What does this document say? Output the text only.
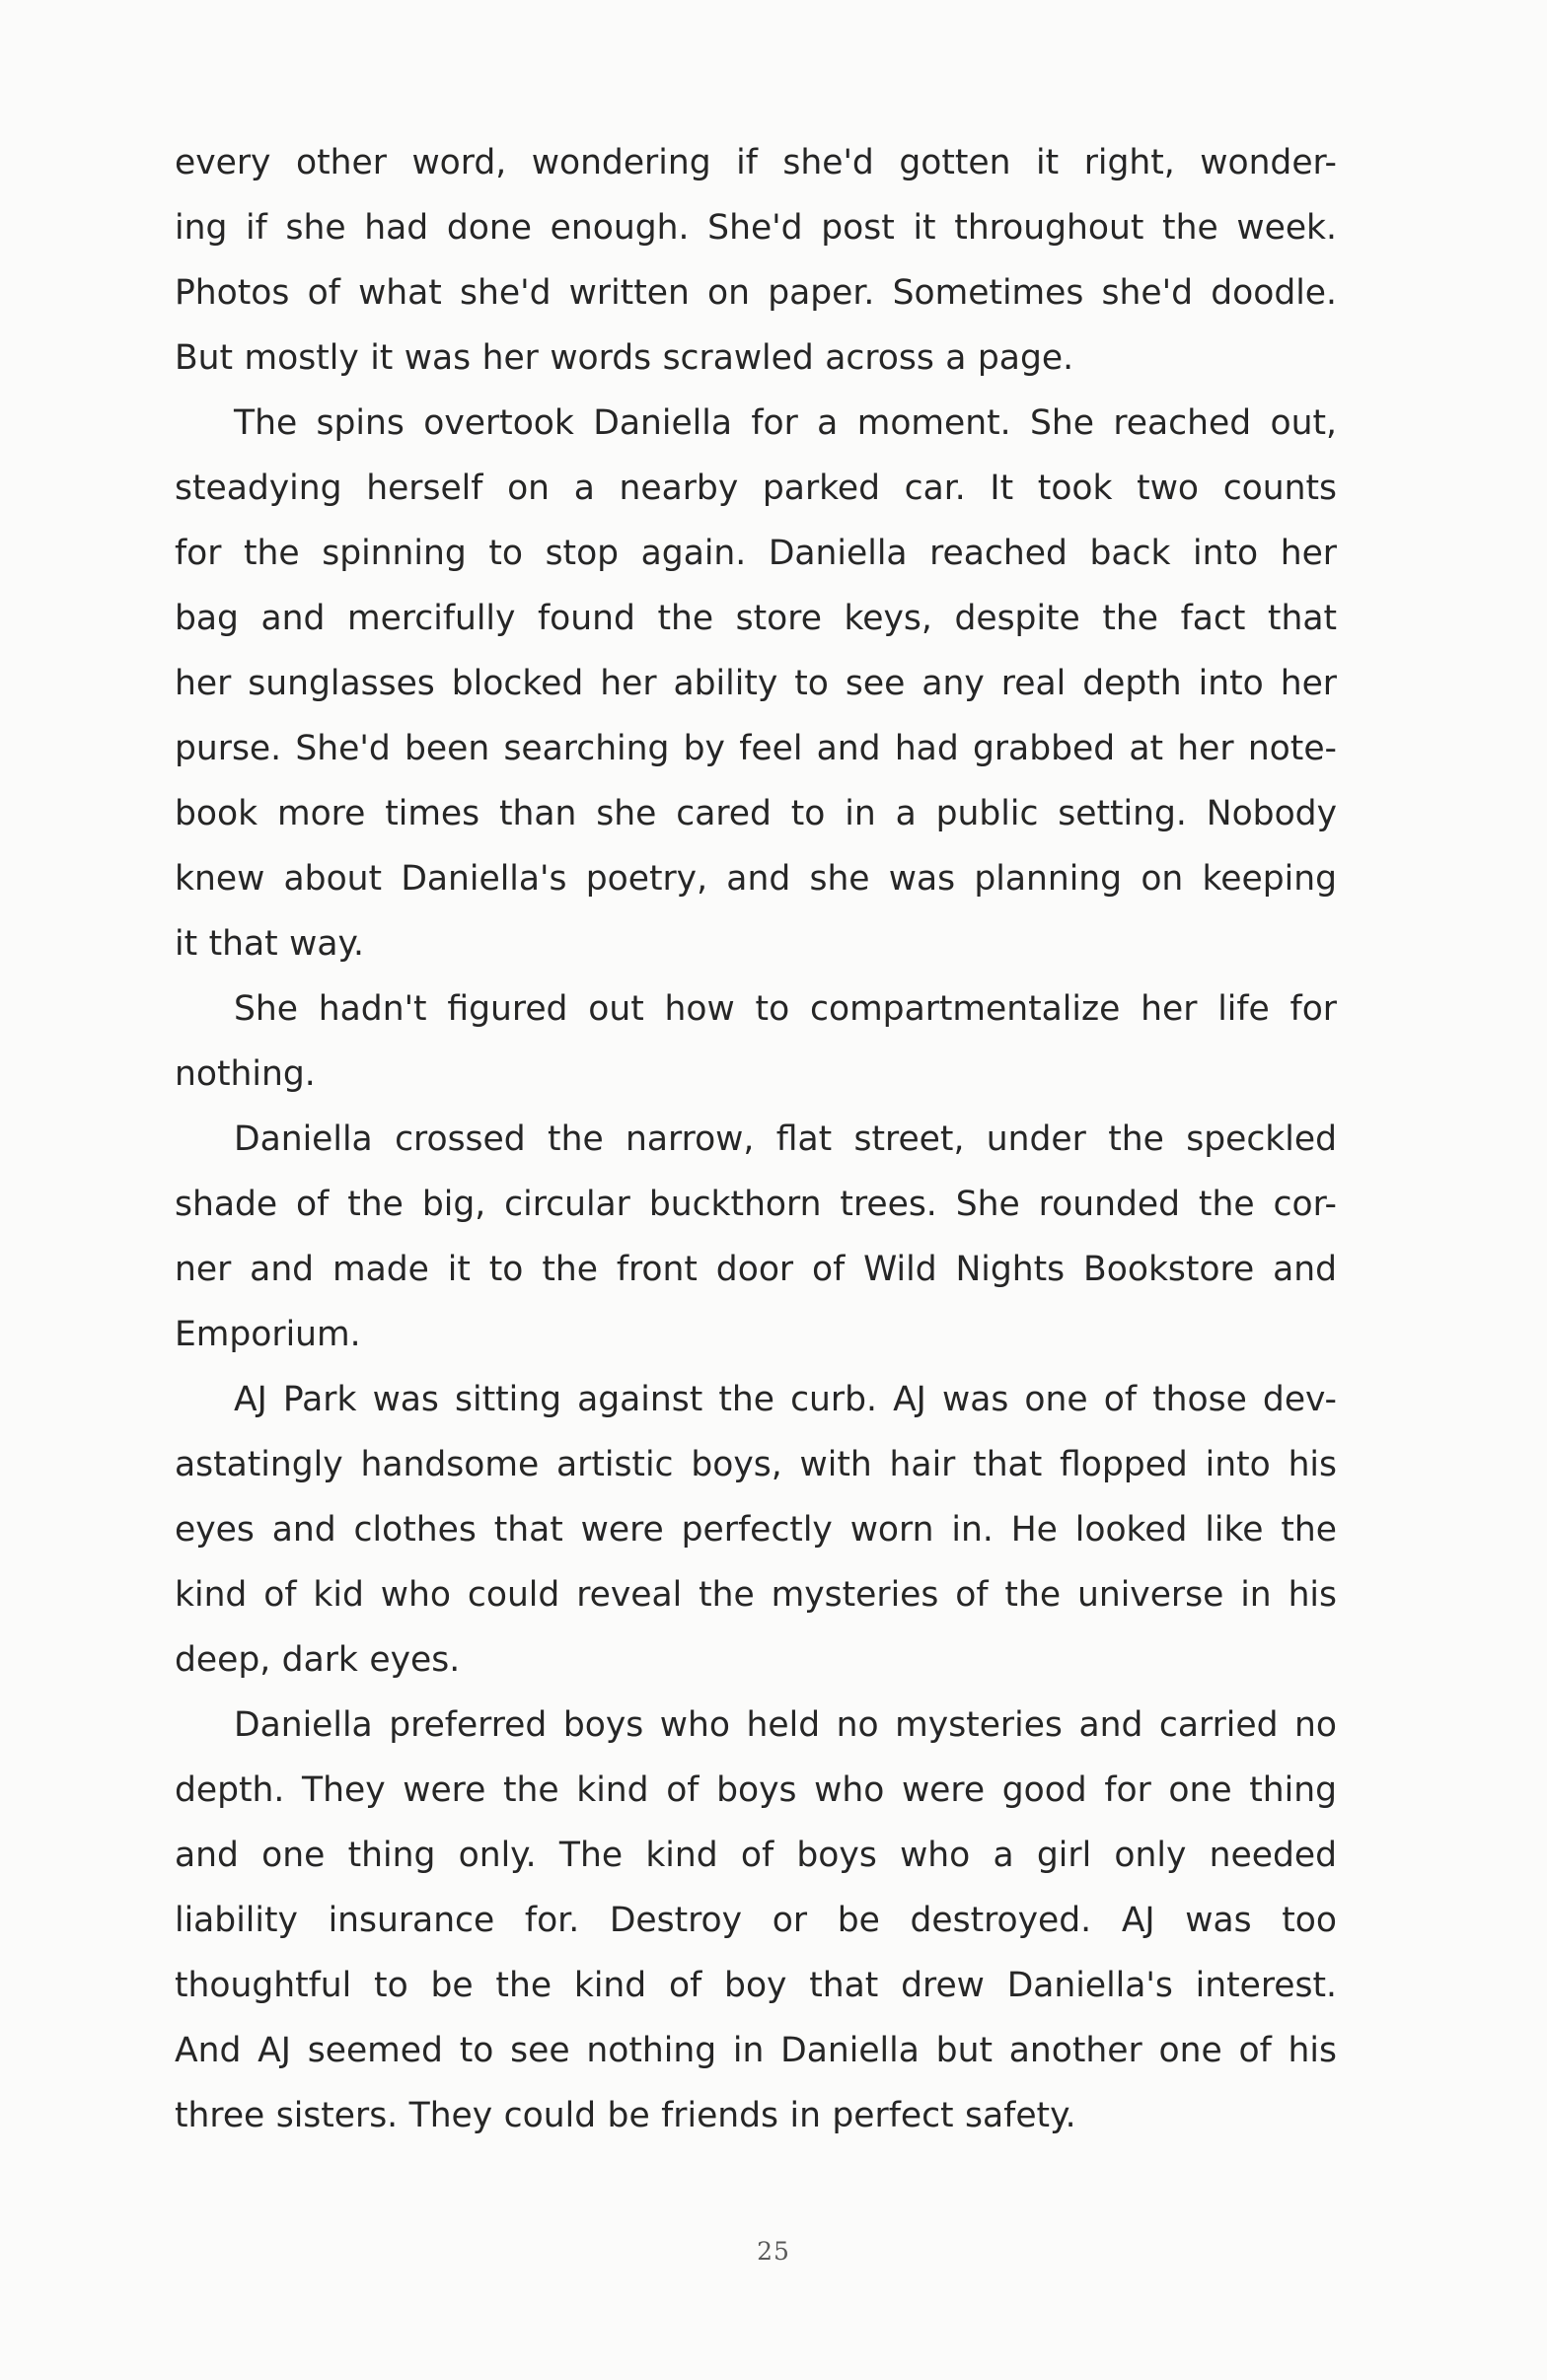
every other word, wondering if she'd gotten it right, wonder-
ing if she had done enough. She'd post it throughout the week.
Photos of what she'd written on paper. Sometimes she'd doodle.
But mostly it was her words scrawled across a page.
The spins overtook Daniella for a moment. She reached out,
steadying herself on a nearby parked car. It took two counts
for the spinning to stop again. Daniella reached back into her
bag and mercifully found the store keys, despite the fact that
her sunglasses blocked her ability to see any real depth into her
purse. She'd been searching by feel and had grabbed at her note-
book more times than she cared to in a public setting. Nobody
knew about Daniella's poetry, and she was planning on keeping
it that way.
She hadn't figured out how to compartmentalize her life for
nothing.
Daniella crossed the narrow, flat street, under the speckled
shade of the big, circular buckthorn trees. She rounded the cor-
ner and made it to the front door of Wild Nights Bookstore and
Emporium.
AJ Park was sitting against the curb. AJ was one of those dev-
astatingly handsome artistic boys, with hair that flopped into his
eyes and clothes that were perfectly worn in. He looked like the
kind of kid who could reveal the mysteries of the universe in his
deep, dark eyes.
Daniella preferred boys who held no mysteries and carried no
depth. They were the kind of boys who were good for one thing
and one thing only. The kind of boys who a girl only needed
liability insurance for. Destroy or be destroyed. AJ was too
thoughtful to be the kind of boy that drew Daniella's interest.
And AJ seemed to see nothing in Daniella but another one of his
three sisters. They could be friends in perfect safety.
25
